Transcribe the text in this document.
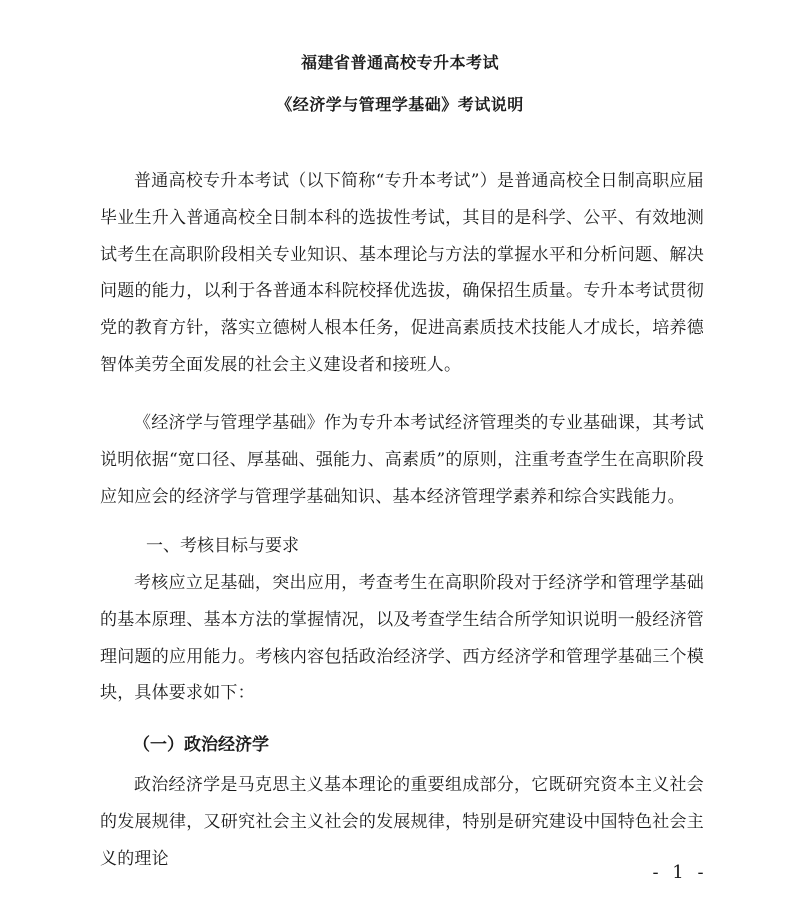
福建省普通高校专升本考试
《经济学与管理学基础》考试说明

普通高校专升本考试（以下简称“专升本考试”）是普通高校全日制高职应届毕业生升入普通高校全日制本科的选拔性考试，其目的是科学、公平、有效地测试考生在高职阶段相关专业知识、基本理论与方法的掌握水平和分析问题、解决问题的能力，以利于各普通本科院校择优选拔，确保招生质量。专升本考试贯彻党的教育方针，落实立德树人根本任务，促进高素质技术技能人才成长，培养德智体美劳全面发展的社会主义建设者和接班人。

《经济学与管理学基础》作为专升本考试经济管理类的专业基础课，其考试说明依据“宽口径、厚基础、强能力、高素质”的原则，注重考查学生在高职阶段应知应会的经济学与管理学基础知识、基本经济管理学素养和综合实践能力。

一、考核目标与要求

考核应立足基础，突出应用，考查考生在高职阶段对于经济学和管理学基础的基本原理、基本方法的掌握情况，以及考查学生结合所学知识说明一般经济管理问题的应用能力。考核内容包括政治经济学、西方经济学和管理学基础三个模块，具体要求如下：

（一）政治经济学

政治经济学是马克思主义基本理论的重要组成部分，它既研究资本主义社会的发展规律，又研究社会主义社会的发展规律，特别是研究建设中国特色社会主义的理论

- 1 -
